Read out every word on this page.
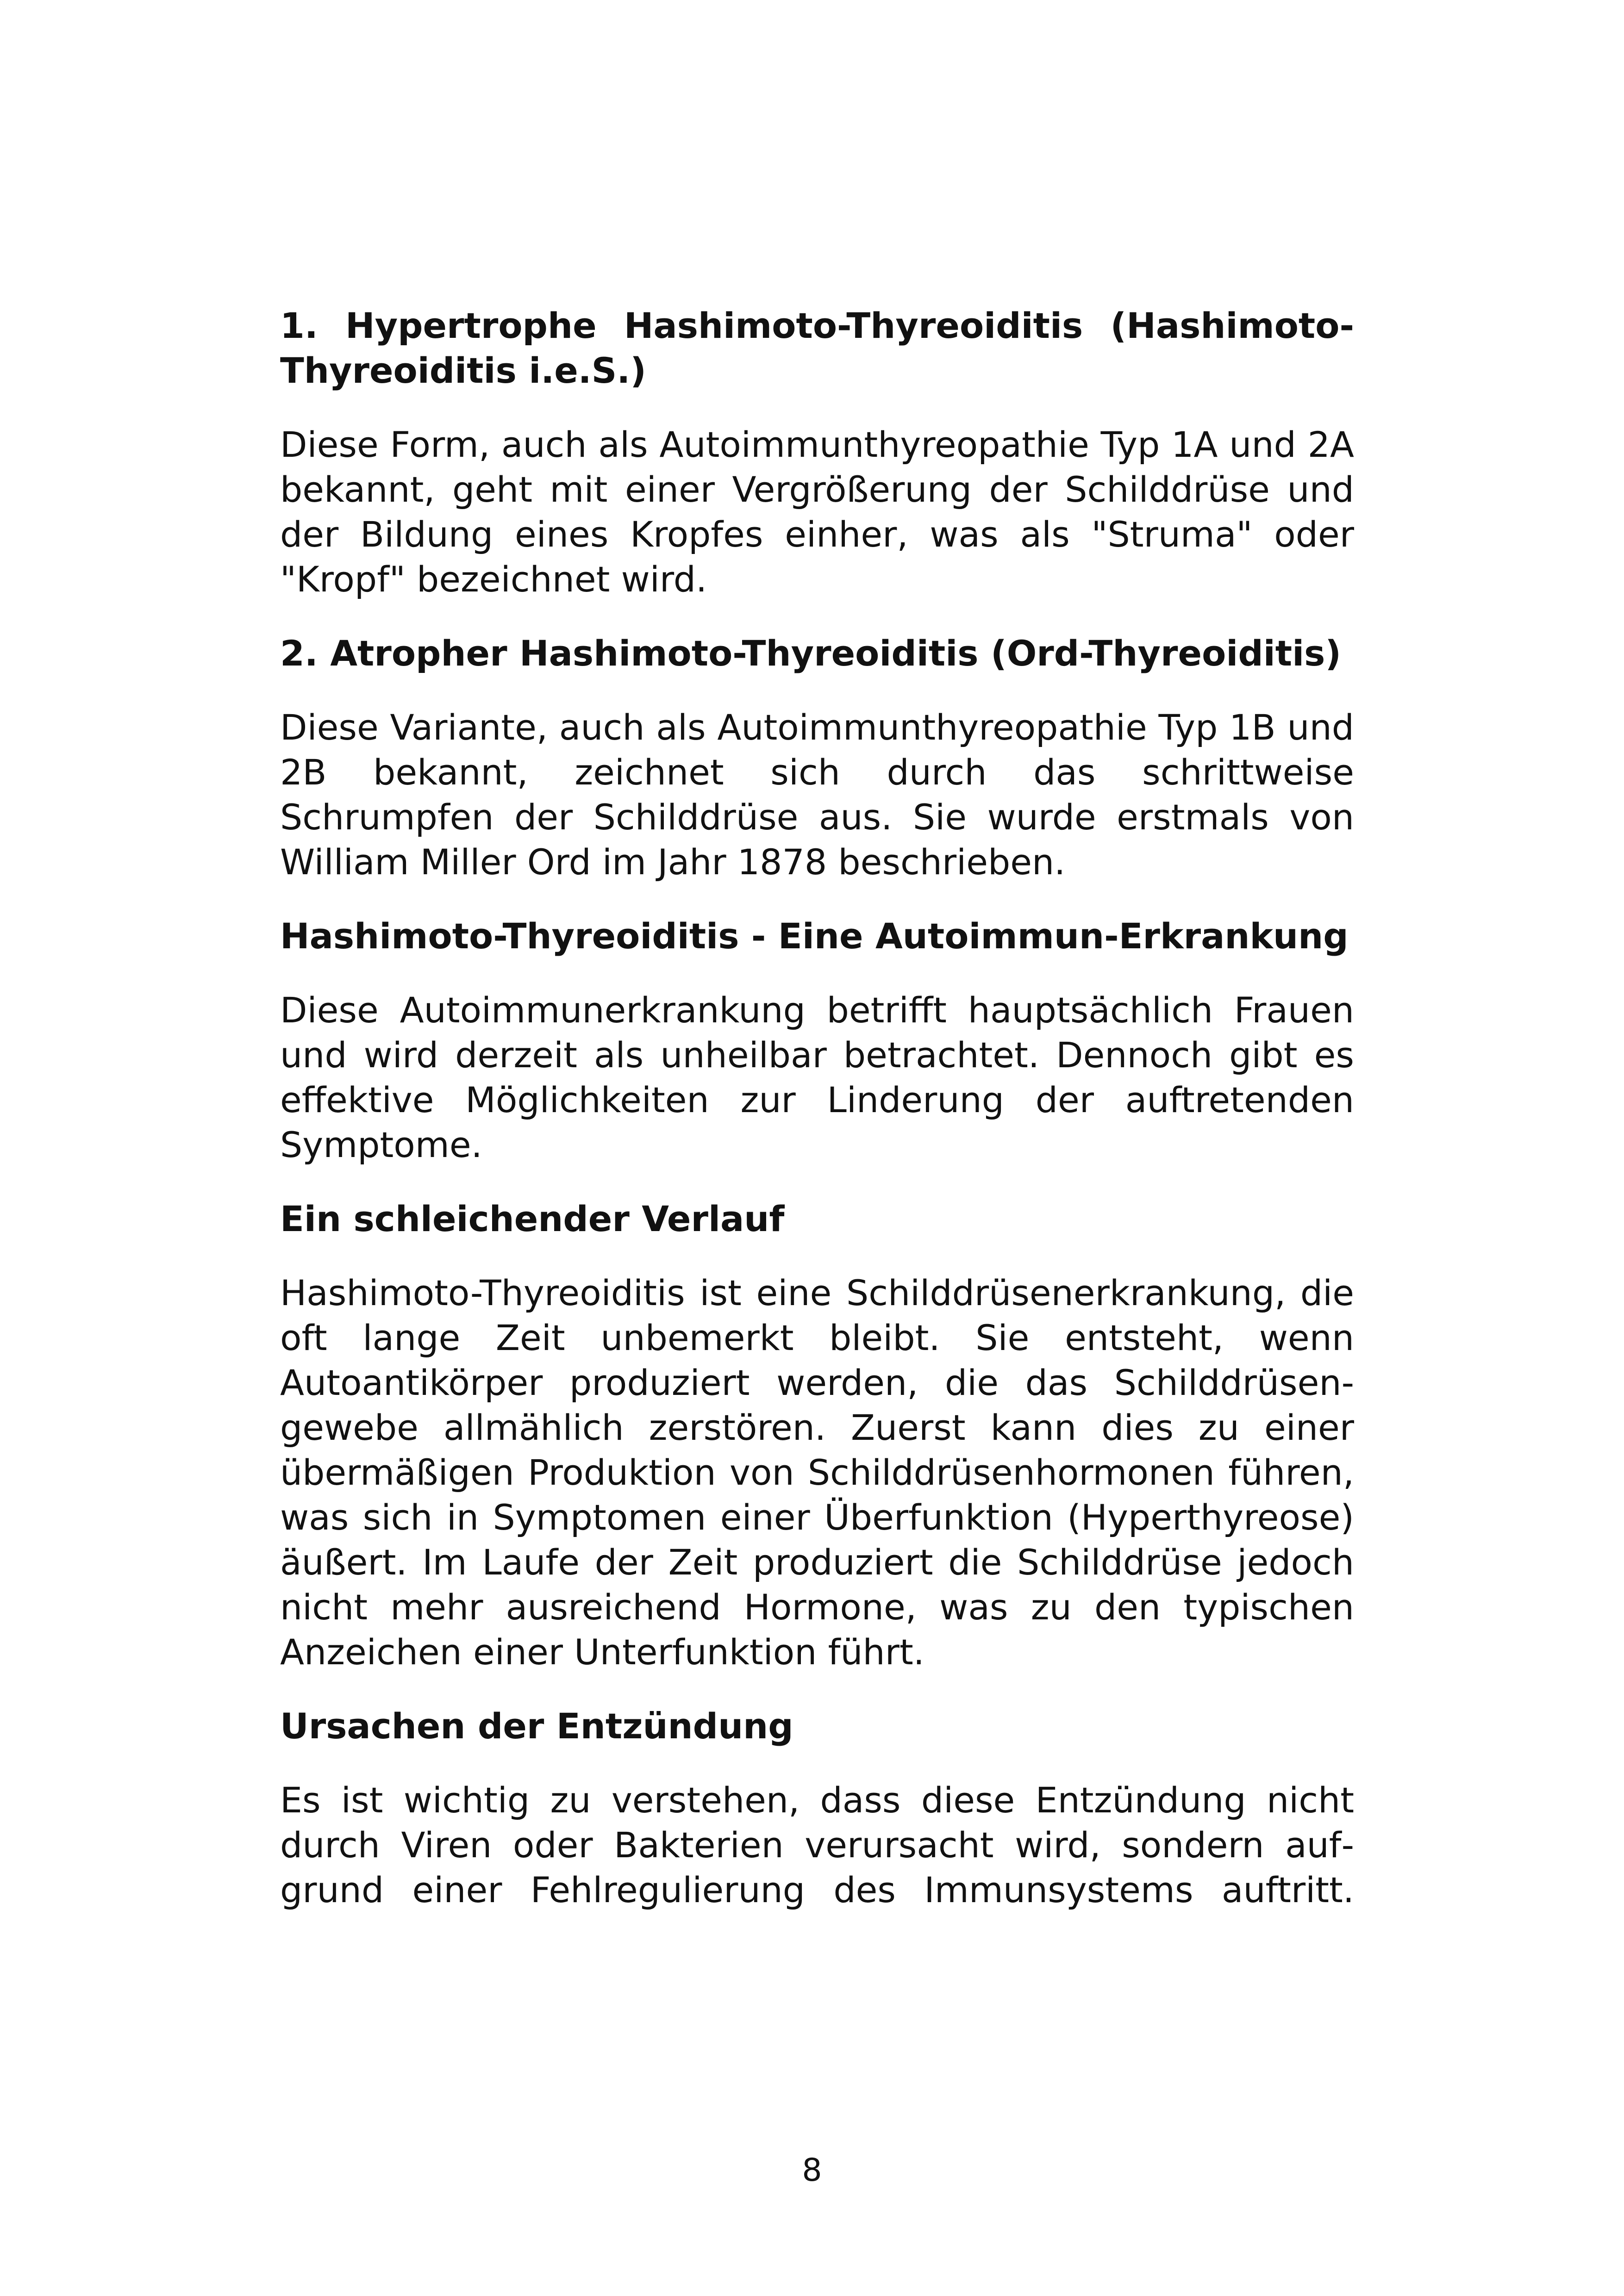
1. Hypertrophe Hashimoto-Thyreoiditis (Hashimoto-Thyreoiditis i.e.S.)

Diese Form, auch als Autoimmunthyreopathie Typ 1A und 2A bekannt, geht mit einer Vergrößerung der Schilddrüse und der Bildung eines Kropfes einher, was als "Struma" oder "Kropf" bezeichnet wird.

2. Atropher Hashimoto-Thyreoiditis (Ord-Thyreoiditis)

Diese Variante, auch als Autoimmunthyreopathie Typ 1B und 2B bekannt, zeichnet sich durch das schrittweise Schrumpfen der Schilddrüse aus. Sie wurde erstmals von William Miller Ord im Jahr 1878 beschrieben.

Hashimoto-Thyreoiditis - Eine Autoimmun-Erkrankung

Diese Autoimmunerkrankung betrifft hauptsächlich Frauen und wird derzeit als unheilbar betrachtet. Dennoch gibt es effektive Möglichkeiten zur Linderung der auftretenden Symptome.

Ein schleichender Verlauf

Hashimoto-Thyreoiditis ist eine Schilddrüsenerkrankung, die oft lange Zeit unbemerkt bleibt. Sie entsteht, wenn Autoantikörper produziert werden, die das Schilddrüsengewebe allmählich zerstören. Zuerst kann dies zu einer übermäßigen Produktion von Schilddrüsenhormonen führen, was sich in Symptomen einer Überfunktion (Hyperthyreose) äußert. Im Laufe der Zeit produziert die Schilddrüse jedoch nicht mehr ausreichend Hormone, was zu den typischen Anzeichen einer Unterfunktion führt.

Ursachen der Entzündung

Es ist wichtig zu verstehen, dass diese Entzündung nicht durch Viren oder Bakterien verursacht wird, sondern aufgrund einer Fehlregulierung des Immunsystems auftritt.

8
